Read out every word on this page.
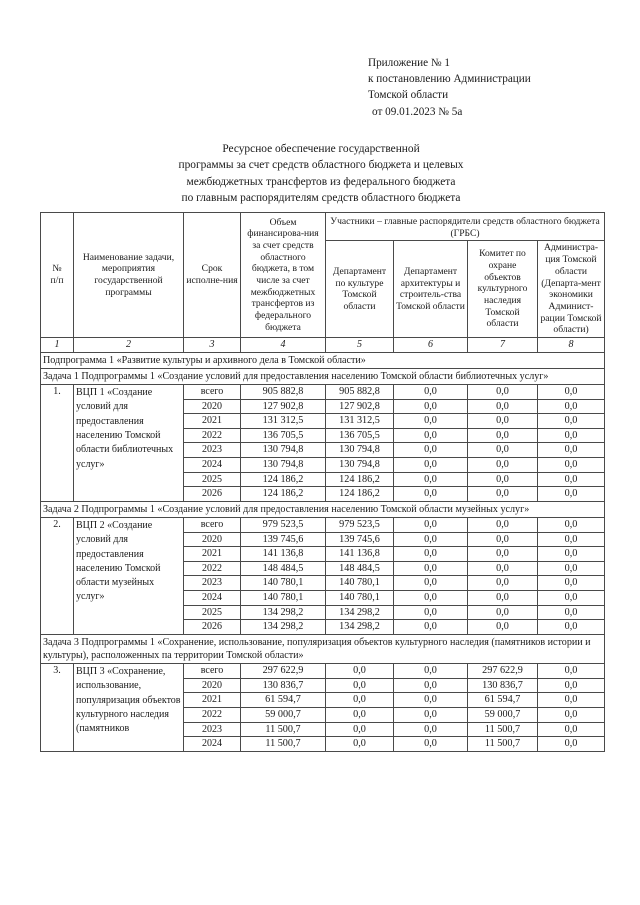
Приложение № 1
к постановлению Администрации
Томской области
от 09.01.2023 № 5а
Ресурсное обеспечение государственной
программы за счет средств областного бюджета и целевых
межбюджетных трансфертов из федерального бюджета
по главным распорядителям средств областного бюджета
№
п/п	Наименование задачи, мероприятия государственной программы	Срок исполне-ния	Объем финансирова-ния за счет средств областного бюджета, в том числе за счет межбюджетных трансфертов из федерального бюджета	Участники – главные распорядители средств областного бюджета (ГРБС)			
				Департамент по культуре Томской области	Департамент архитектуры и строитель-ства Томской области	Комитет по охране объектов культурного наследия Томской области	Администра-ция Томской области (Департа-мент экономики Админист-рации Томской области)
1	2	3	4	5	6	7	8
Подпрограмма 1 «Развитие культуры и архивного дела в Томской области»							
Задача 1 Подпрограммы 1 «Создание условий для предоставления населению Томской области библиотечных услуг»							
1.	ВЦП 1 «Создание условий для предоставления населению Томской области библиотечных услуг»	всего	905 882,8	905 882,8	0,0	0,0	0,0
		2020	127 902,8	127 902,8	0,0	0,0	0,0
		2021	131 312,5	131 312,5	0,0	0,0	0,0
		2022	136 705,5	136 705,5	0,0	0,0	0,0
		2023	130 794,8	130 794,8	0,0	0,0	0,0
		2024	130 794,8	130 794,8	0,0	0,0	0,0
		2025	124 186,2	124 186,2	0,0	0,0	0,0
		2026	124 186,2	124 186,2	0,0	0,0	0,0
Задача 2 Подпрограммы 1 «Создание условий для предоставления населению Томской области музейных услуг»							
2.	ВЦП 2 «Создание условий для предоставления населению Томской области музейных услуг»	всего	979 523,5	979 523,5	0,0	0,0	0,0
		2020	139 745,6	139 745,6	0,0	0,0	0,0
		2021	141 136,8	141 136,8	0,0	0,0	0,0
		2022	148 484,5	148 484,5	0,0	0,0	0,0
		2023	140 780,1	140 780,1	0,0	0,0	0,0
		2024	140 780,1	140 780,1	0,0	0,0	0,0
		2025	134 298,2	134 298,2	0,0	0,0	0,0
		2026	134 298,2	134 298,2	0,0	0,0	0,0
Задача 3 Подпрограммы 1 «Сохранение, использование, популяризация объектов культурного наследия (памятников истории и культуры), расположенных па территории Томской области»							
3.	ВЦП 3 «Сохранение, использование, популяризация объектов культурного наследия (памятников	всего	297 622,9	0,0	0,0	297 622,9	0,0
		2020	130 836,7	0,0	0,0	130 836,7	0,0
		2021	61 594,7	0,0	0,0	61 594,7	0,0
		2022	59 000,7	0,0	0,0	59 000,7	0,0
		2023	11 500,7	0,0	0,0	11 500,7	0,0
		2024	11 500,7	0,0	0,0	11 500,7	0,0
